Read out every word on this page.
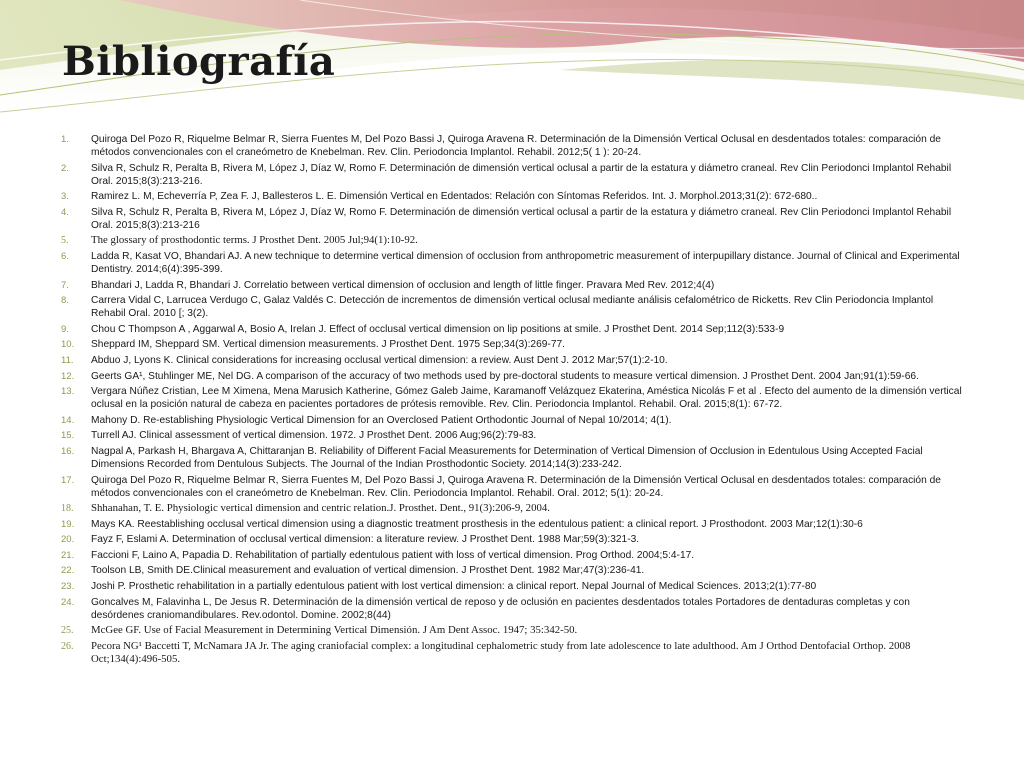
Bibliografía
1.	Quiroga Del Pozo R, Riquelme Belmar R, Sierra Fuentes M, Del Pozo Bassi J, Quiroga Aravena R. Determinación de la Dimensión Vertical Oclusal en desdentados totales: comparación de métodos convencionales con el craneómetro de Knebelman. Rev. Clin. Periodoncia Implantol. Rehabil. 2012;5( 1 ): 20-24.
2.	Silva R, Schulz R, Peralta B, Rivera M, López J, Díaz W, Romo F. Determinación de dimensión vertical oclusal a partir de la estatura y diámetro craneal. Rev Clin Periodonci Implantol Rehabil Oral. 2015;8(3):213-216.
3.	Ramirez L. M, Echeverría P, Zea F. J, Ballesteros L. E. Dimensión Vertical en Edentados: Relación con Síntomas Referidos. Int. J. Morphol.2013;31(2): 672-680..
4.	Silva R, Schulz R, Peralta B, Rivera M, López J, Díaz W, Romo F. Determinación de dimensión vertical oclusal a partir de la estatura y diámetro craneal. Rev Clin Periodonci Implantol Rehabil Oral. 2015;8(3):213-216
5.	The glossary of prosthodontic terms. J Prosthet Dent. 2005 Jul;94(1):10-92.
6.	Ladda R, Kasat VO, Bhandari AJ. A new technique to determine vertical dimension of occlusion from anthropometric measurement of interpupillary distance. Journal of Clinical and Experimental Dentistry. 2014;6(4):395-399.
7.	Bhandari J, Ladda R, Bhandari J. Correlatio between vertical dimension of occlusion and length of little finger. Pravara Med Rev. 2012;4(4)
8.	Carrera Vidal C, Larrucea Verdugo C, Galaz Valdés C. Detección de incrementos de dimensión vertical oclusal mediante análisis cefalométrico de Ricketts. Rev Clin Periodoncia Implantol Rehabil Oral. 2010 [; 3(2).
9.	Chou C Thompson A , Aggarwal A, Bosio A, Irelan J. Effect of occlusal vertical dimension on lip positions at smile. J Prosthet Dent. 2014 Sep;112(3):533-9
10.	Sheppard IM, Sheppard SM. Vertical dimension measurements. J Prosthet Dent. 1975 Sep;34(3):269-77.
11.	Abduo J, Lyons K. Clinical considerations for increasing occlusal vertical dimension: a review. Aust Dent J. 2012 Mar;57(1):2-10.
12.	Geerts GA¹, Stuhlinger ME, Nel DG. A comparison of the accuracy of two methods used by pre-doctoral students to measure vertical dimension. J Prosthet Dent. 2004 Jan;91(1):59-66.
13.	Vergara Núñez Cristian, Lee M Ximena, Mena Marusich Katherine, Gómez Galeb Jaime, Karamanoff Velázquez Ekaterina, Améstica Nicolás F et al . Efecto del aumento de la dimensión vertical oclusal en la posición natural de cabeza en pacientes portadores de prótesis removible. Rev. Clin. Periodoncia Implantol. Rehabil. Oral. 2015;8(1): 67-72.
14.	Mahony D. Re-establishing Physiologic Vertical Dimension for an Overclosed Patient Orthodontic Journal of Nepal 10/2014; 4(1).
15.	Turrell AJ. Clinical assessment of vertical dimension. 1972. J Prosthet Dent. 2006 Aug;96(2):79-83.
16.	Nagpal A, Parkash H, Bhargava A, Chittaranjan B. Reliability of Different Facial Measurements for Determination of Vertical Dimension of Occlusion in Edentulous Using Accepted Facial Dimensions Recorded from Dentulous Subjects. The Journal of the Indian Prosthodontic Society. 2014;14(3):233-242.
17.	Quiroga Del Pozo R, Riquelme Belmar R, Sierra Fuentes M, Del Pozo Bassi J, Quiroga Aravena R. Determinación de la Dimensión Vertical Oclusal en desdentados totales: comparación de métodos convencionales con el craneómetro de Knebelman. Rev. Clin. Periodoncia Implantol. Rehabil. Oral. 2012; 5(1): 20-24.
18.	Shhanahan, T. E. Physiologic vertical dimension and centric relation.J. Prosthet. Dent., 91(3):206-9, 2004.
19.	Mays KA. Reestablishing occlusal vertical dimension using a diagnostic treatment prosthesis in the edentulous patient: a clinical report. J Prosthodont. 2003 Mar;12(1):30-6
20.	Fayz F, Eslami A. Determination of occlusal vertical dimension: a literature review. J Prosthet Dent. 1988 Mar;59(3):321-3.
21.	Faccioni F, Laino A, Papadia D. Rehabilitation of partially edentulous patient with loss of vertical dimension. Prog Orthod. 2004;5:4-17.
22.	Toolson LB, Smith DE.Clinical measurement and evaluation of vertical dimension. J Prosthet Dent. 1982 Mar;47(3):236-41.
23.	Joshi P. Prosthetic rehabilitation in a partially edentulous patient with lost vertical dimension: a clinical report. Nepal Journal of Medical Sciences. 2013;2(1):77-80
24.	Goncalves M, Falavinha L, De Jesus R. Determinación de la dimensión vertical de reposo y de oclusión en pacientes desdentados totales Portadores de dentaduras completas y con desórdenes craniomandibulares. Rev.odontol. Domine. 2002;8(44)
25.	McGee GF. Use of Facial Measurement in Determining Vertical Dimensión. J Am Dent Assoc. 1947; 35:342-50.
26.	Pecora NG¹ Baccetti T, McNamara JA Jr. The aging craniofacial complex: a longitudinal cephalometric study from late adolescence to late adulthood. Am J Orthod Dentofacial Orthop. 2008 Oct;134(4):496-505.
